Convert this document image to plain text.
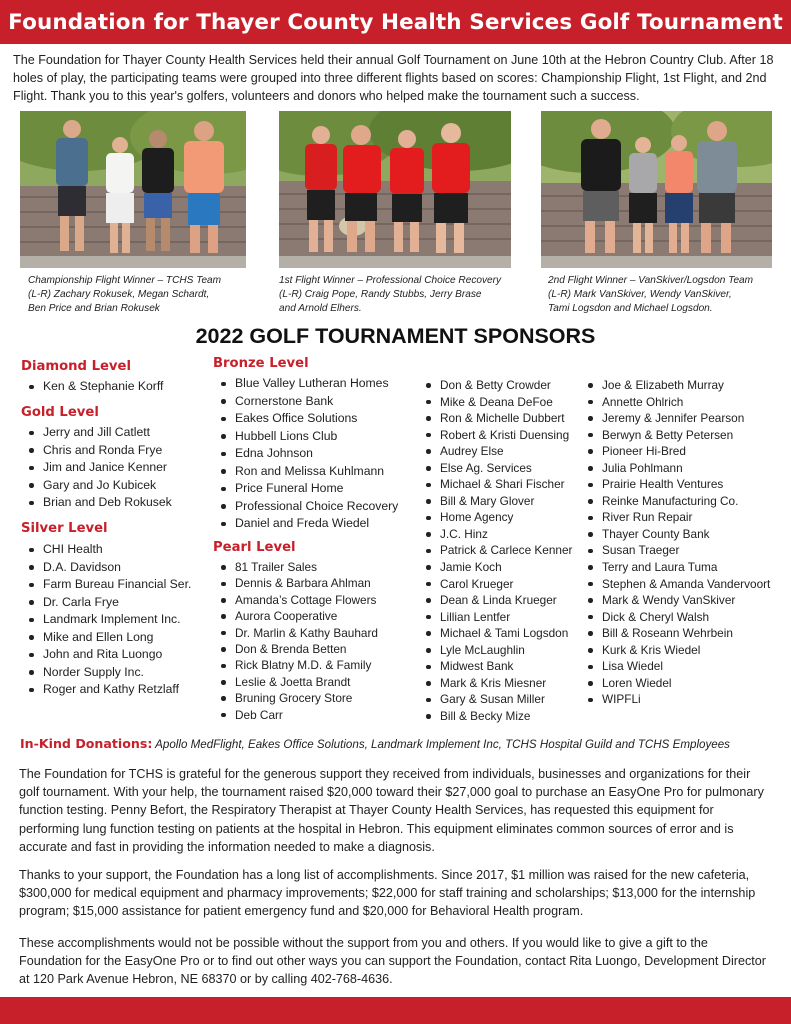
Foundation for Thayer County Health Services Golf Tournament

The Foundation for Thayer County Health Services held their annual Golf Tournament on June 10th at the Hebron Country Club. After 18 holes of play, the participating teams were grouped into three different flights based on scores: Championship Flight, 1st Flight, and 2nd Flight. Thank you to this year's golfers, volunteers and donors who helped make the tournament such a success.

Championship Flight Winner – TCHS Team
(L-R) Zachary Rokusek, Megan Schardt,
Ben Price and Brian Rokusek
1st Flight Winner – Professional Choice Recovery
(L-R) Craig Pope, Randy Stubbs, Jerry Brase
and Arnold Elhers.
2nd Flight Winner – VanSkiver/Logsdon Team
(L-R) Mark VanSkiver, Wendy VanSkiver,
Tami Logsdon and Michael Logsdon.
2022 GOLF TOURNAMENT SPONSORS
Diamond Level
Ken & Stephanie Korff
Gold Level
Jerry and Jill Catlett
Chris and Ronda Frye
Jim and Janice Kenner
Gary and Jo Kubicek
Brian and Deb Rokusek
Silver Level
CHI Health
D.A. Davidson
Farm Bureau Financial Ser.
Dr. Carla Frye
Landmark Implement Inc.
Mike and Ellen Long
John and Rita Luongo
Norder Supply Inc.
Roger and Kathy Retzlaff
Bronze Level
Blue Valley Lutheran Homes
Cornerstone Bank
Eakes Office Solutions
Hubbell Lions Club
Edna Johnson
Ron and Melissa Kuhlmann
Price Funeral Home
Professional Choice Recovery
Daniel and Freda Wiedel
Pearl Level
81 Trailer Sales
Dennis & Barbara Ahlman
Amanda’s Cottage Flowers
Aurora Cooperative
Dr. Marlin & Kathy Bauhard
Don & Brenda Betten
Rick Blatny M.D. & Family
Leslie & Joetta Brandt
Bruning Grocery Store
Deb Carr
Don & Betty Crowder
Mike & Deana DeFoe
Ron & Michelle Dubbert
Robert & Kristi Duensing
Audrey Else
Else Ag. Services
Michael & Shari Fischer
Bill & Mary Glover
Home Agency
J.C. Hinz
Patrick & Carlece Kenner
Jamie Koch
Carol Krueger
Dean & Linda Krueger
Lillian Lentfer
Michael & Tami Logsdon
Lyle McLaughlin
Midwest Bank
Mark & Kris Miesner
Gary & Susan Miller
Bill & Becky Mize
Joe & Elizabeth Murray
Annette Ohlrich
Jeremy & Jennifer Pearson
Berwyn & Betty Petersen
Pioneer Hi-Bred
Julia Pohlmann
Prairie Health Ventures
Reinke Manufacturing Co.
River Run Repair
Thayer County Bank
Susan Traeger
Terry and Laura Tuma
Stephen & Amanda Vandervoort
Mark & Wendy VanSkiver
Dick & Cheryl Walsh
Bill & Roseann Wehrbein
Kurk & Kris Wiedel
Lisa Wiedel
Loren Wiedel
WIPFLi
In-Kind Donations: Apollo MedFlight, Eakes Office Solutions, Landmark Implement Inc, TCHS Hospital Guild and TCHS Employees

The Foundation for TCHS is grateful for the generous support they received from individuals, businesses and organizations for their golf tournament. With your help, the tournament raised $20,000 toward their $27,000 goal to purchase an EasyOne Pro for pulmonary function testing. Penny Befort, the Respiratory Therapist at Thayer County Health Services, has requested this equipment for performing lung function testing on patients at the hospital in Hebron. This equipment eliminates common sources of error and is accurate and fast in providing the information needed to make a diagnosis.

Thanks to your support, the Foundation has a long list of accomplishments. Since 2017, $1 million was raised for the new cafeteria, $300,000 for medical equipment and pharmacy improvements; $22,000 for staff training and scholarships; $13,000 for the internship program; $15,000 assistance for patient emergency fund and $20,000 for Behavioral Health program.

These accomplishments would not be possible without the support from you and others. If you would like to give a gift to the Foundation for the EasyOne Pro or to find out other ways you can support the Foundation, contact Rita Luongo, Development Director at 120 Park Avenue Hebron, NE 68370 or by calling 402-768-4636.
